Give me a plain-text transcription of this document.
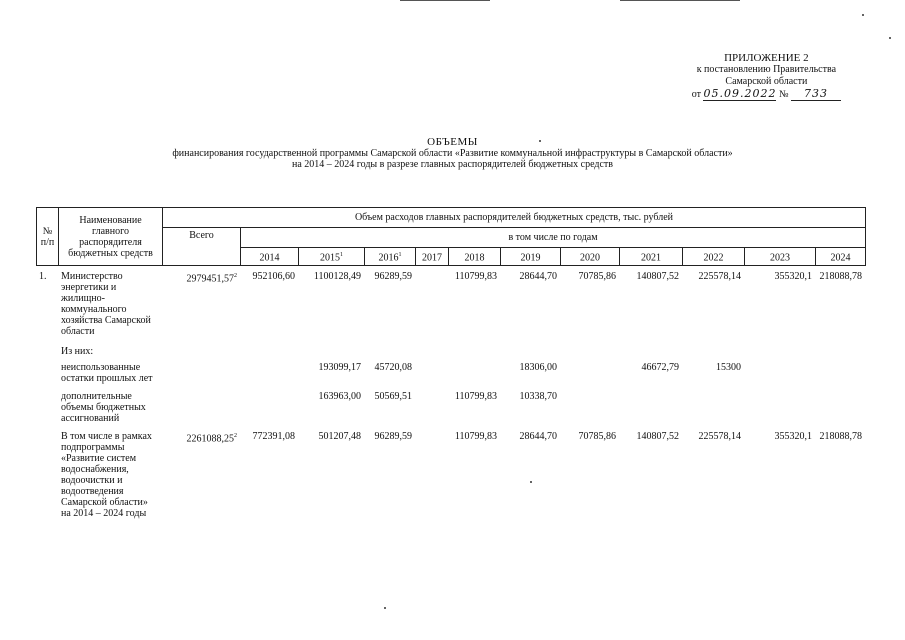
ПРИЛОЖЕНИЕ 2
к постановлению Правительства
Самарской области
от 05.09.2022 № 733
ОБЪЕМЫ
финансирования государственной программы Самарской области «Развитие коммунальной инфраструктуры в Самарской области»
на 2014 – 2024 годы в разрезе главных распорядителей бюджетных средств
№ п/п	Наименование главного распорядителя бюджетных средств	Объем расходов главных распорядителей бюджетных средств, тыс. рублей											
		Всего	в том числе по годам										
			2014	2015$^1$	2016$^1$	2017	2018	2019	2020	2021	2022	2023	2024
1.	Министерство энергетики и жилищно-коммунального хозяйства Самарской области	2979451,57$^2$	952106,60	1100128,49	96289,59		110799,83	28644,70	70785,86	140807,52	225578,14	355320,1	218088,78
	Из них:												
	неиспользованные остатки прошлых лет			193099,17	45720,08			18306,00		46672,79	15300		
	дополнительные объемы бюджетных ассигнований			163963,00	50569,51		110799,83	10338,70					
	В том числе в рамках подпрограммы «Развитие систем водоснабжения, водоочистки и водоотведения Самарской области» на 2014 – 2024 годы	2261088,25$^2$	772391,08	501207,48	96289,59		110799,83	28644,70	70785,86	140807,52	225578,14	355320,1	218088,78
